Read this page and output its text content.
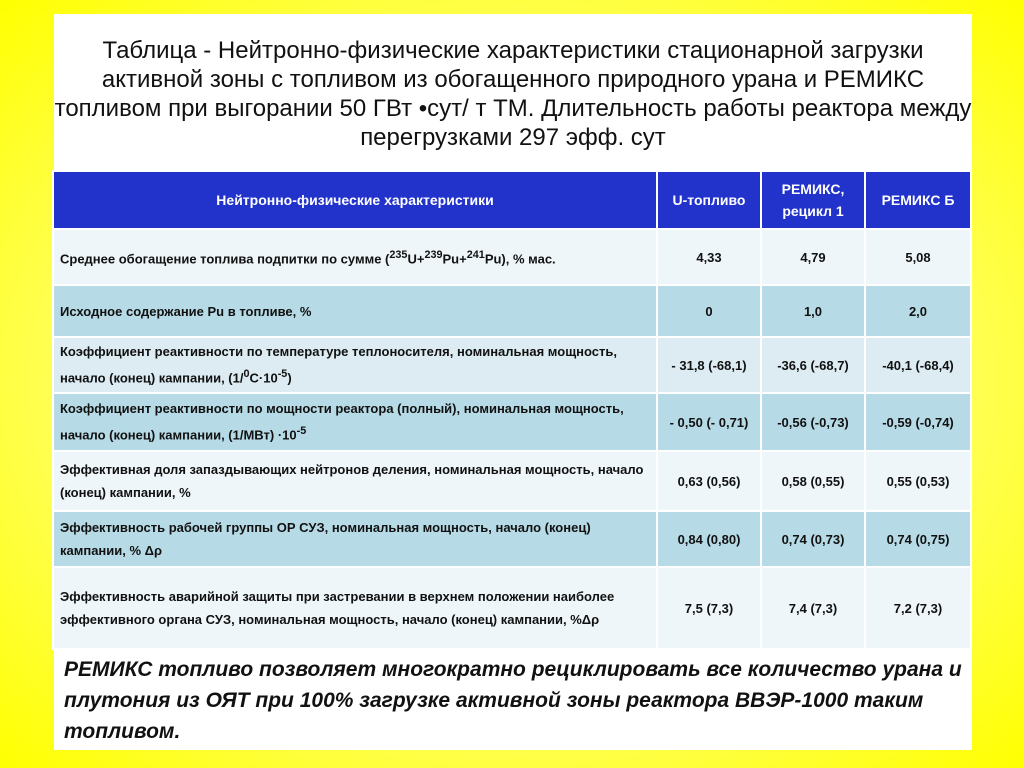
Таблица - Нейтронно-физические характеристики стационарной загрузки активной зоны с топливом из обогащенного природного урана и РЕМИКС топливом при выгорании 50 ГВт •сут/ т ТМ. Длительность работы реактора между перегрузками 297 эфф. сут
Нейтронно-физические характеристики	U-топливо	РЕМИКС, рецикл 1	РЕМИКС Б
Среднее обогащение топлива подпитки по сумме ($^{235}$U+$^{239}$Pu+$^{241}$Pu), % мас.	4,33	4,79	5,08
Исходное содержание Pu в топливе, %	0	1,0	2,0
Коэффициент реактивности по температуре теплоносителя, номинальная мощность, начало (конец) кампании, $(1/^0С\cdot 10^{-5})$	- 31,8 (-68,1)	-36,6 (-68,7)	-40,1 (-68,4)
Коэффициент реактивности по мощности реактора (полный), номинальная мощность, начало (конец) кампании, $(1/МВт) \cdot 10^{-5}$	- 0,50 (- 0,71)	-0,56 (-0,73)	-0,59 (-0,74)
Эффективная доля запаздывающих нейтронов деления, номинальная мощность, начало (конец) кампании, %	0,63 (0,56)	0,58 (0,55)	0,55 (0,53)
Эффективность рабочей группы ОР СУЗ, номинальная мощность, начало (конец) кампании, % Δρ	0,84 (0,80)	0,74 (0,73)	0,74 (0,75)
Эффективность аварийной защиты при застревании в верхнем положении наиболее эффективного органа СУЗ, номинальная мощность, начало (конец) кампании, %Δρ	7,5 (7,3)	7,4 (7,3)	7,2 (7,3)
РЕМИКС топливо позволяет многократно рециклировать все количество урана и плутония из ОЯТ при 100% загрузке активной зоны реактора ВВЭР-1000 таким топливом.
